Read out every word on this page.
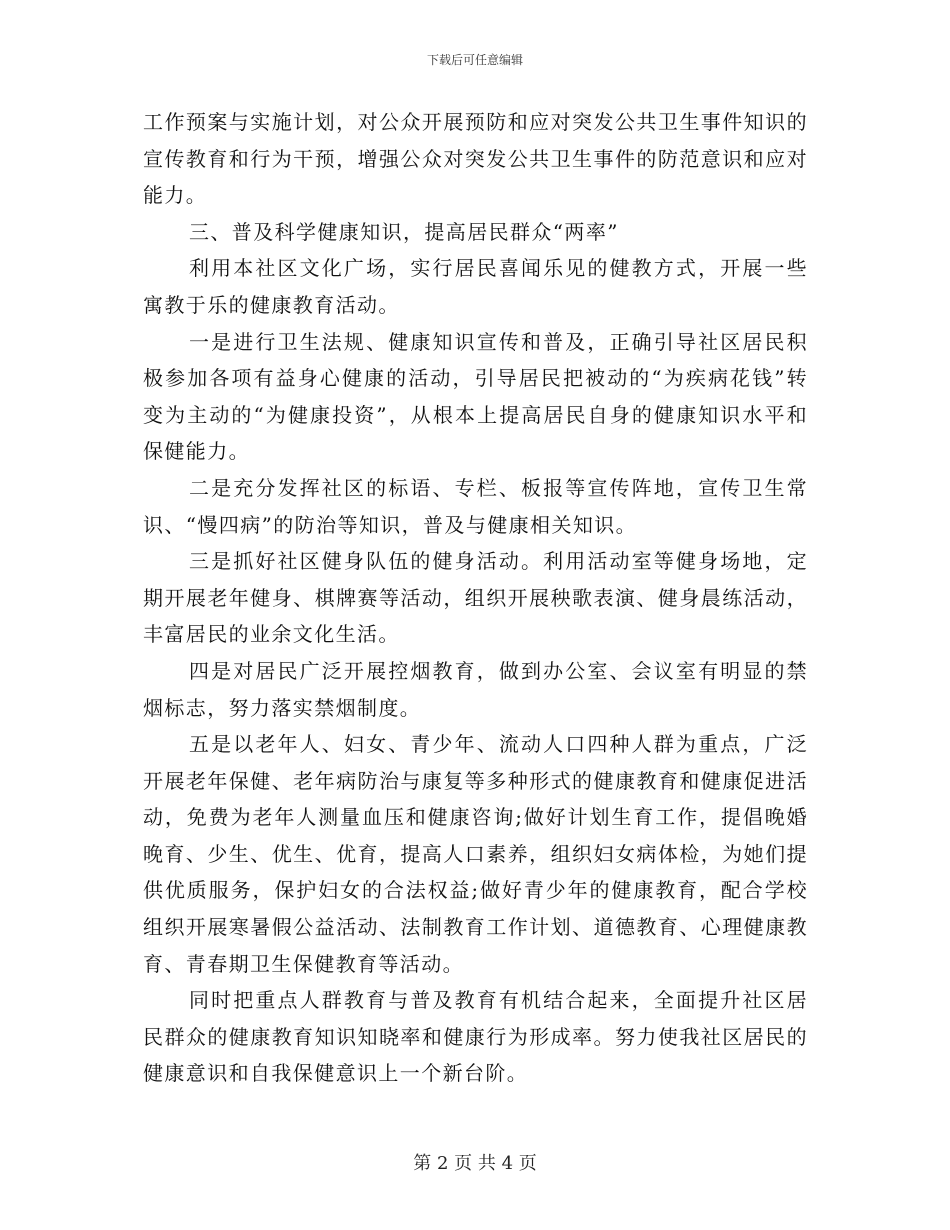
下载后可任意编辑

工作预案与实施计划，对公众开展预防和应对突发公共卫生事件知识的宣传教育和行为干预，增强公众对突发公共卫生事件的防范意识和应对能力。

三、普及科学健康知识，提高居民群众“两率”

利用本社区文化广场，实行居民喜闻乐见的健教方式，开展一些寓教于乐的健康教育活动。

一是进行卫生法规、健康知识宣传和普及，正确引导社区居民积极参加各项有益身心健康的活动，引导居民把被动的“为疾病花钱”转变为主动的“为健康投资”，从根本上提高居民自身的健康知识水平和保健能力。

二是充分发挥社区的标语、专栏、板报等宣传阵地，宣传卫生常识、“慢四病”的防治等知识，普及与健康相关知识。

三是抓好社区健身队伍的健身活动。利用活动室等健身场地，定期开展老年健身、棋牌赛等活动，组织开展秧歌表演、健身晨练活动，丰富居民的业余文化生活。

四是对居民广泛开展控烟教育，做到办公室、会议室有明显的禁烟标志，努力落实禁烟制度。

五是以老年人、妇女、青少年、流动人口四种人群为重点，广泛开展老年保健、老年病防治与康复等多种形式的健康教育和健康促进活动，免费为老年人测量血压和健康咨询;做好计划生育工作，提倡晚婚晚育、少生、优生、优育，提高人口素养，组织妇女病体检，为她们提供优质服务，保护妇女的合法权益;做好青少年的健康教育，配合学校组织开展寒暑假公益活动、法制教育工作计划、道德教育、心理健康教育、青春期卫生保健教育等活动。

同时把重点人群教育与普及教育有机结合起来，全面提升社区居民群众的健康教育知识知晓率和健康行为形成率。努力使我社区居民的健康意识和自我保健意识上一个新台阶。

第 2 页 共 4 页
